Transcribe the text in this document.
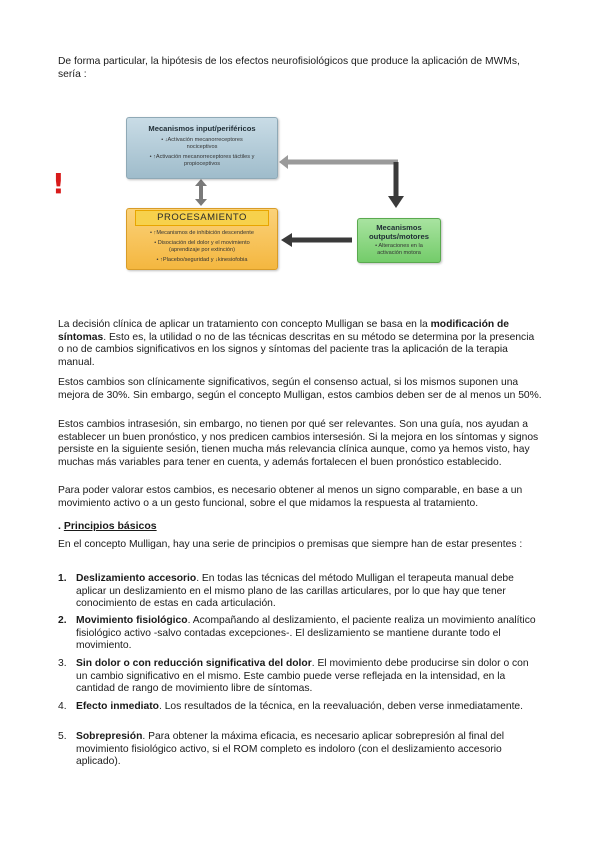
De forma particular, la hipótesis de los efectos neurofisiológicos que produce la aplicación de MWMs, sería :
!
Mecanismos input/periféricos
• ↓Activación mecanorreceptores
nociceptivos
• ↑Activación mecanorreceptores táctiles y
propioceptivos
PROCESAMIENTO
• ↑Mecanismos de inhibición descendente
• Disociación del dolor y el movimiento
(aprendizaje por extinción)
• ↑Placebo/seguridad y ↓kinesiofobia
Mecanismos
outputs/motores
• Alteraciones en la
activación motora
La decisión clínica de aplicar un tratamiento con concepto Mulligan se basa en la modificación de síntomas. Esto es, la utilidad o no de las técnicas descritas en su método se determina por la presencia o no de cambios significativos en los signos y síntomas del paciente tras la aplicación de la terapia manual.
Estos cambios son clínicamente significativos, según el consenso actual, si los mismos suponen una mejora de 30%. Sin embargo, según el concepto Mulligan, estos cambios deben ser de al menos un 50%.
Estos cambios intrasesión, sin embargo, no tienen por qué ser relevantes. Son una guía, nos ayudan a establecer un buen pronóstico, y nos predicen cambios intersesión. Si la mejora en los síntomas y signos persiste en la siguiente sesión, tienen mucha más relevancia clínica aunque, como ya hemos visto, hay muchas más variables para tener en cuenta, y además fortalecen el buen pronóstico establecido.
Para poder valorar estos cambios, es necesario obtener al menos un signo comparable, en base a un movimiento activo o a un gesto funcional, sobre el que midamos la respuesta al tratamiento.
. Principios básicos
En el concepto Mulligan, hay una serie de principios o premisas que siempre han de estar presentes :
1. Deslizamiento accesorio. En todas las técnicas del método Mulligan el terapeuta manual debe aplicar un deslizamiento en el mismo plano de las carillas articulares, por lo que hay que tener conocimiento de estas en cada articulación.
2. Movimiento fisiológico. Acompañando al deslizamiento, el paciente realiza un movimiento analítico fisiológico activo -salvo contadas excepciones-. El deslizamiento se mantiene durante todo el movimiento.
3. Sin dolor o con reducción significativa del dolor. El movimiento debe producirse sin dolor o con un cambio significativo en el mismo. Este cambio puede verse reflejada en la intensidad, en la cantidad de rango de movimiento libre de síntomas.
4. Efecto inmediato. Los resultados de la técnica, en la reevaluación, deben verse inmediatamente.
5. Sobrepresión. Para obtener la máxima eficacia, es necesario aplicar sobrepresión al final del movimiento fisiológico activo, si el ROM completo es indoloro (con el deslizamiento accesorio aplicado).
